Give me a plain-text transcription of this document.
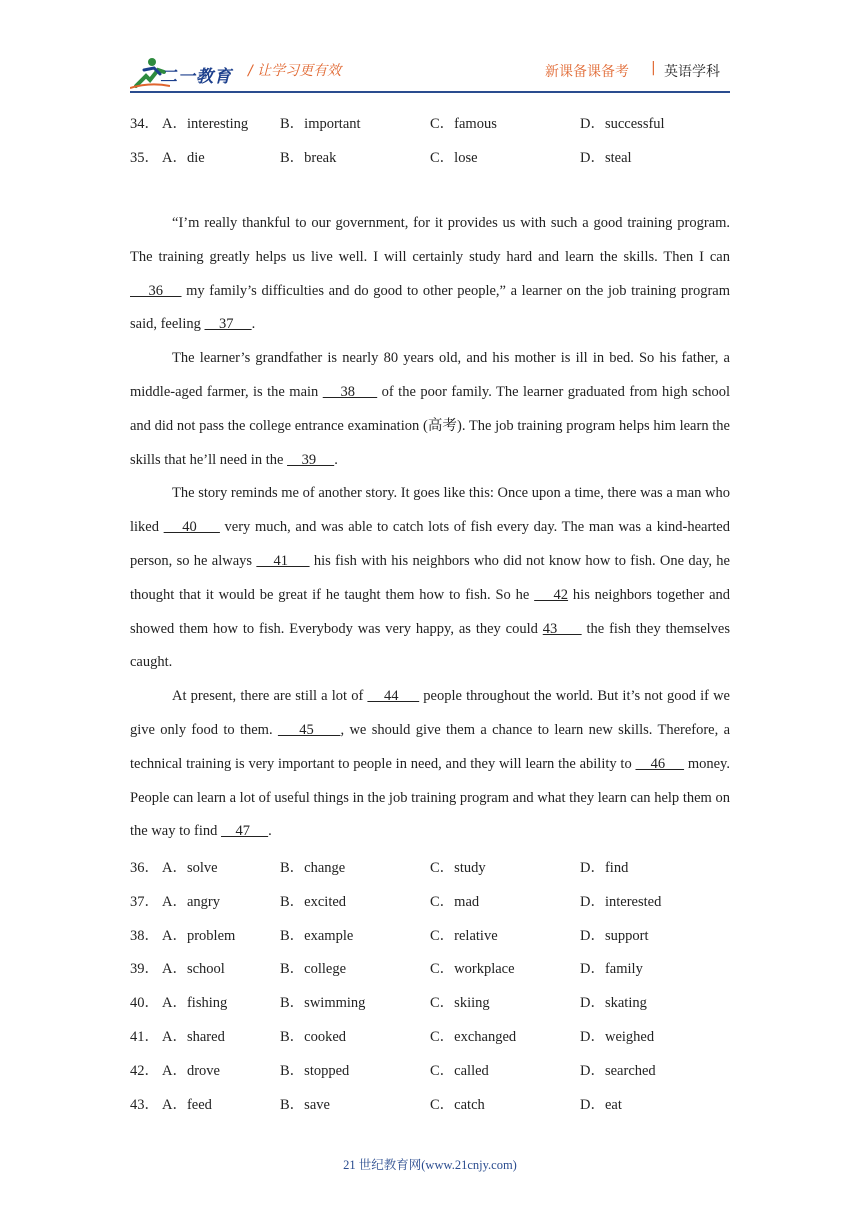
二一教育 / 让学习更有效	新课备课备考 | 英语学科
34． A．interesting B．important	C．famous	D．successful
35． A．die	B．break	C．lose	D．steal

“I’m really thankful to our government, for it provides us with such a good training program. The training greatly helps us live well. I will certainly study hard and learn the skills. Then I can     36     my family’s difficulties and do good to other people,” a learner on the job training program said, feeling     37     .

The learner’s grandfather is nearly 80 years old, and his mother is ill in bed. So his father, a middle-aged farmer, is the main     38      of the poor family. The learner graduated from high school and did not pass the college entrance examination (高考). The job training program helps him learn the skills that he’ll need in the     39     .

The story reminds me of another story. It goes like this: Once upon a time, there was a man who liked     40      very much, and was able to catch lots of fish every day. The man was a kind-hearted person, so he always     41      his fish with his neighbors who did not know how to fish. One day, he thought that it would be great if he taught them how to fish. So he     42 his neighbors together and showed them how to fish. Everybody was very happy, as they could 43      the fish they themselves caught.

At present, there are still a lot of     44      people throughout the world. But it’s not good if we give only food to them.     45     , we should give them a chance to learn new skills. Therefore, a technical training is very important to people in need, and they will learn the ability to     46      money. People can learn a lot of useful things in the job training program and what they learn can help them on the way to find     47     .

36． A．solve	B．change	C．study	D．find
37． A．angry	B．excited	C．mad	D．interested
38． A．problem	B．example	C．relative	D．support
39． A．school	B．college	C．workplace	D．family
40． A．fishing	B．swimming	C．skiing	D．skating
41． A．shared	B．cooked	C．exchanged	D．weighed
42． A．drove	B．stopped	C．called	D．searched
43． A．feed	B．save	C．catch	D．eat
21 世纪教育网(www.21cnjy.com)
